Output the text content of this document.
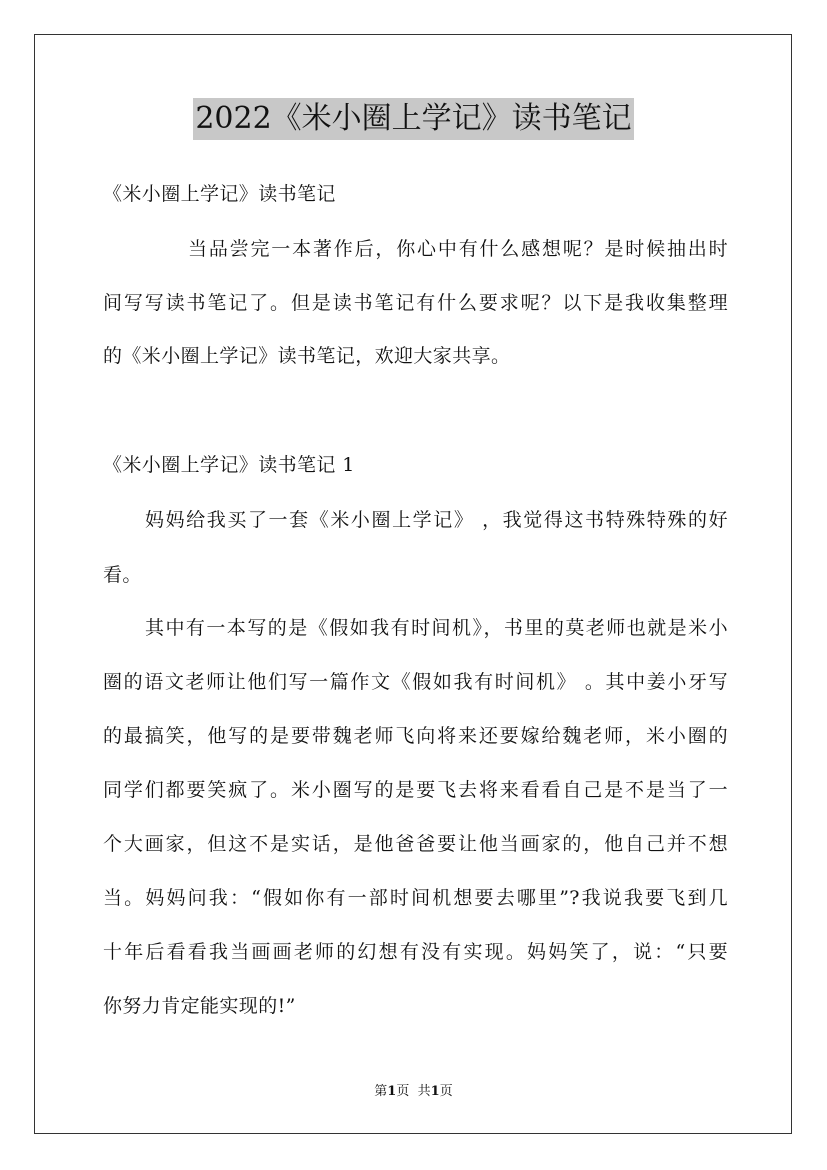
2022《米小圈上学记》读书笔记
《米小圈上学记》读书笔记
当品尝完一本著作后，你心中有什么感想呢？是时候抽出时
间写写读书笔记了。但是读书笔记有什么要求呢？以下是我收集整理
的《米小圈上学记》读书笔记，欢迎大家共享。
《米小圈上学记》读书笔记 1
妈妈给我买了一套《米小圈上学记》 ，我觉得这书特殊特殊的好
看。
其中有一本写的是《假如我有时间机》，书里的莫老师也就是米小
圈的语文老师让他们写一篇作文《假如我有时间机》 。其中姜小牙写
的最搞笑，他写的是要带魏老师飞向将来还要嫁给魏老师，米小圈的
同学们都要笑疯了。米小圈写的是要飞去将来看看自己是不是当了一
个大画家，但这不是实话，是他爸爸要让他当画家的，他自己并不想
当。妈妈问我：“假如你有一部时间机想要去哪里”?我说我要飞到几
十年后看看我当画画老师的幻想有没有实现。妈妈笑了，说：“只要
你努力肯定能实现的!”
第1页 共1页
